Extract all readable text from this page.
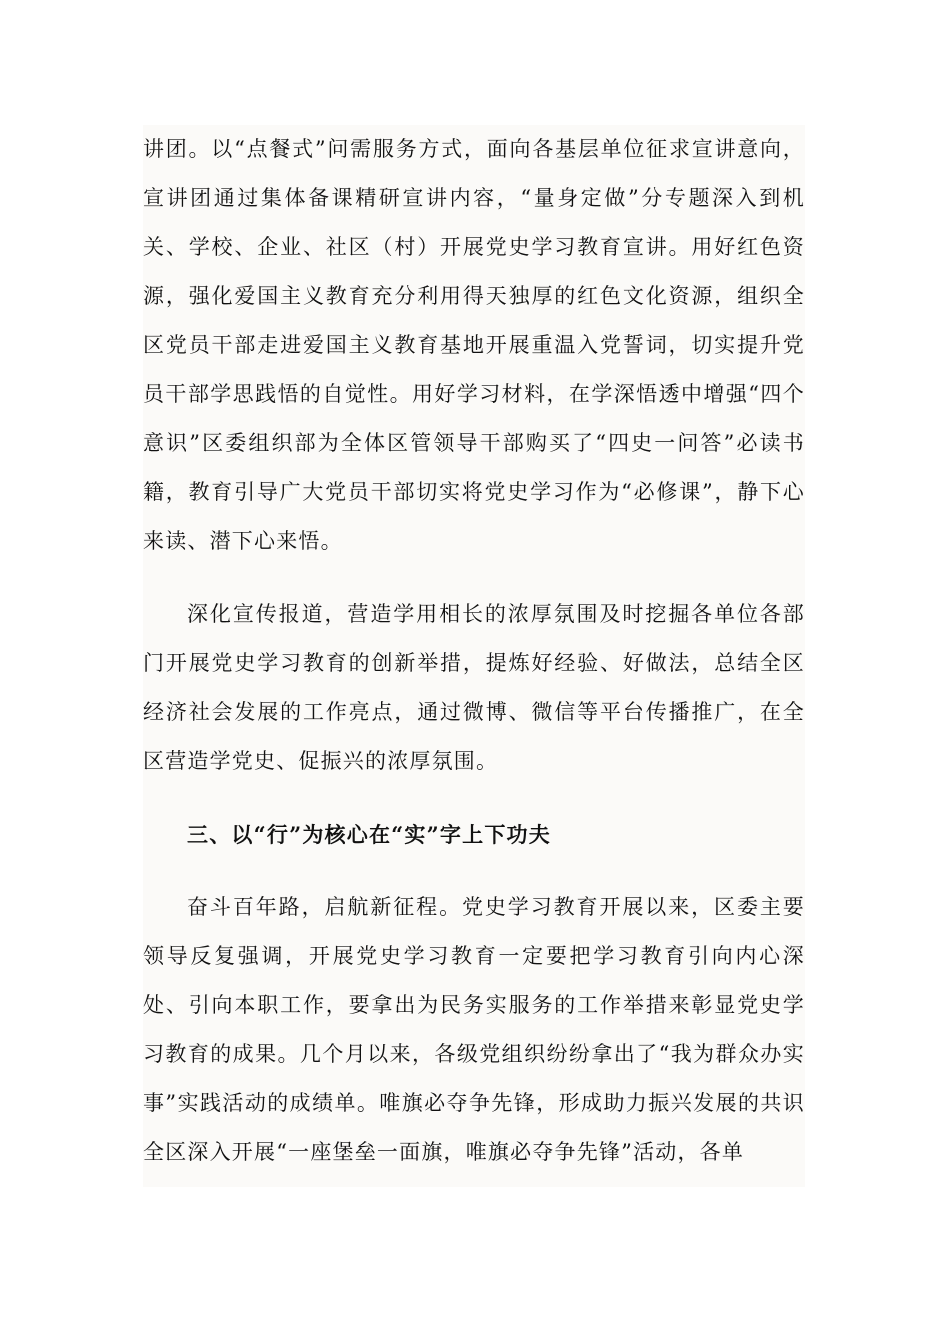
讲团。以“点餐式”问需服务方式，面向各基层单位征求宣讲意向，宣讲团通过集体备课精研宣讲内容，“量身定做”分专题深入到机关、学校、企业、社区（村）开展党史学习教育宣讲。用好红色资源，强化爱国主义教育充分利用得天独厚的红色文化资源，组织全区党员干部走进爱国主义教育基地开展重温入党誓词，切实提升党员干部学思践悟的自觉性。用好学习材料，在学深悟透中增强“四个意识”区委组织部为全体区管领导干部购买了“四史一问答”必读书籍，教育引导广大党员干部切实将党史学习作为“必修课”，静下心来读、潜下心来悟。

深化宣传报道，营造学用相长的浓厚氛围及时挖掘各单位各部门开展党史学习教育的创新举措，提炼好经验、好做法，总结全区经济社会发展的工作亮点，通过微博、微信等平台传播推广，在全区营造学党史、促振兴的浓厚氛围。

三、以“行”为核心在“实”字上下功夫

奋斗百年路，启航新征程。党史学习教育开展以来，区委主要领导反复强调，开展党史学习教育一定要把学习教育引向内心深处、引向本职工作，要拿出为民务实服务的工作举措来彰显党史学习教育的成果。几个月以来，各级党组织纷纷拿出了“我为群众办实事”实践活动的成绩单。唯旗必夺争先锋，形成助力振兴发展的共识全区深入开展“一座堡垒一面旗，唯旗必夺争先锋”活动，各单
